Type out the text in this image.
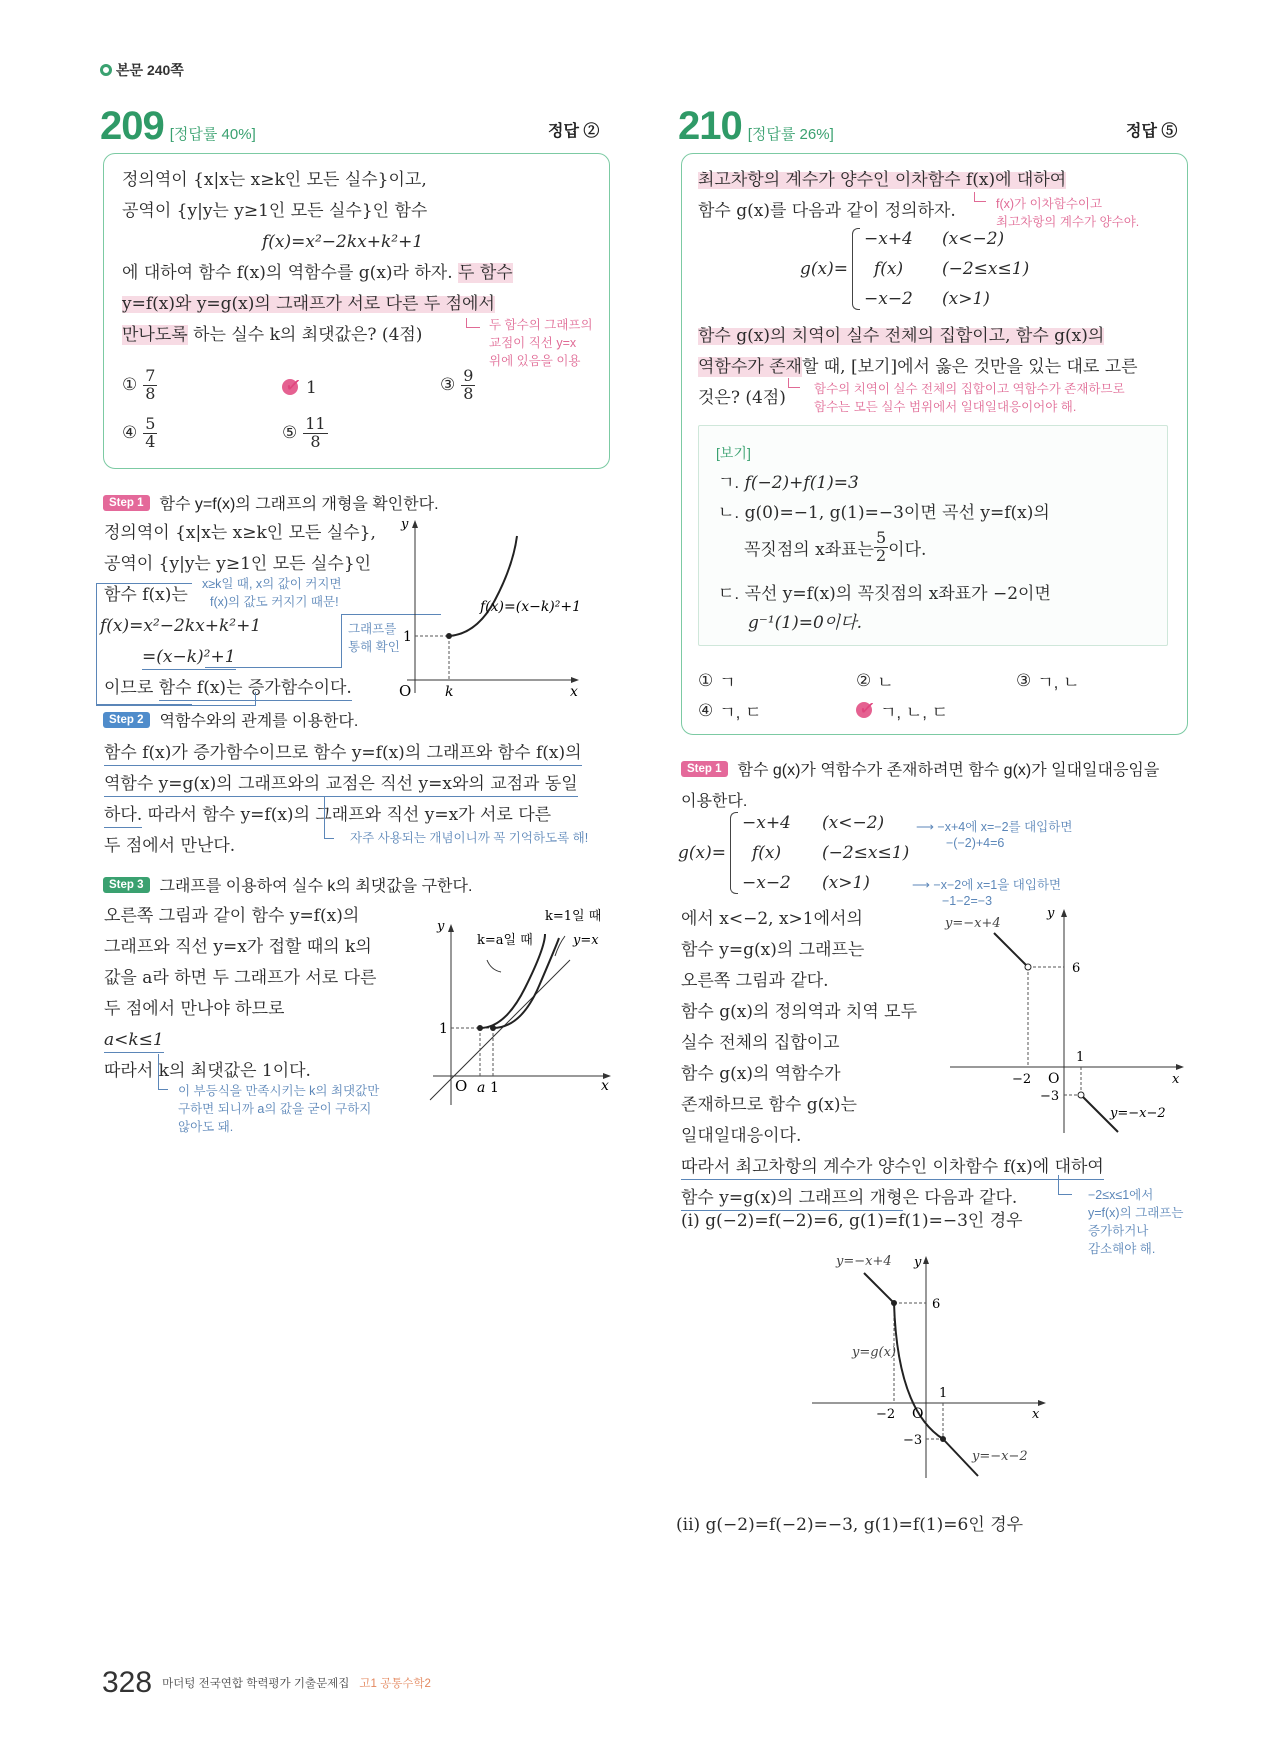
본문 240쪽
209 [정답률 40%]	정답 ②
정의역이 {x|x는 x≥k인 모든 실수}이고,
공역이 {y|y는 y≥1인 모든 실수}인 함수
f(x)=x²−2kx+k²+1
에 대하여 함수 f(x)의 역함수를 g(x)라 하자. 두 함수
y=f(x)와 y=g(x)의 그래프가 서로 다른 두 점에서
만나도록 하는 실수 k의 최댓값은? (4점)	두 함수의 그래프의
교점이 직선 y=x
위에 있음을 이용
① $\frac{7}{8}$	✓ 1	③ $\frac{9}{8}$
④ $\frac{5}{4}$	⑤ $\frac{11}{8}$
Step 1	함수 y=f(x)의 그래프의 개형을 확인한다.
정의역이 {x|x는 x≥k인 모든 실수},
공역이 {y|y는 y≥1인 모든 실수}인
함수 f(x)는
f(x)=x²−2kx+k²+1
=(x−k)²+1
이므로 함수 f(x)는 증가함수이다.
x≥k일 때, x의 값이 커지면
f(x)의 값도 커지기 때문!
그래프를
통해 확인
y
x
O k
1
f(x)=(x−k)²+1
Step 2	역함수와의 관계를 이용한다.
함수 f(x)가 증가함수이므로 함수 y=f(x)의 그래프와 함수 f(x)의
역함수 y=g(x)의 그래프와의 교점은 직선 y=x와의 교점과 동일
하다. 따라서 함수 y=f(x)의 그래프와 직선 y=x가 서로 다른
두 점에서 만난다.	자주 사용되는 개념이니까 꼭 기억하도록 해!
Step 3	그래프를 이용하여 실수 k의 최댓값을 구한다.
오른쪽 그림과 같이 함수 y=f(x)의
그래프와 직선 y=x가 접할 때의 k의
값을 a라 하면 두 그래프가 서로 다른
두 점에서 만나야 하므로
a<k≤1
따라서 k의 최댓값은 1이다.
이 부등식을 만족시키는 k의 최댓값만
구하면 되니까 a의 값을 굳이 구하지
않아도 돼.
y
x
O a 1
1
k=1일 때
k=a일 때	y=x
210 [정답률 26%]	정답 ⑤
최고차항의 계수가 양수인 이차함수 f(x)에 대하여
함수 g(x)를 다음과 같이 정의하자.	f(x)가 이차함수이고
최고차항의 계수가 양수야.
g(x)=
−x+4	(x<−2)
f(x)	(−2≤x≤1)
−x−2	(x>1)
함수 g(x)의 치역이 실수 전체의 집합이고, 함수 g(x)의
역함수가 존재할 때, [보기]에서 옳은 것만을 있는 대로 고른
것은? (4점) 함수의 치역이 실수 전체의 집합이고 역함수가 존재하므로
함수는 모든 실수 범위에서 일대일대응이어야 해.
[보기]
ㄱ. f(−2)+f(1)=3
ㄴ. g(0)=−1, g(1)=−3이면 곡선 y=f(x)의
꼭짓점의 x좌표는 $\frac{5}{2}$ 이다.
ㄷ. 곡선 y=f(x)의 꼭짓점의 x좌표가 −2이면
g⁻¹(1)=0이다.
① ㄱ	② ㄴ	③ ㄱ, ㄴ
④ ㄱ, ㄷ	✓ ㄱ, ㄴ, ㄷ
Step 1	함수 g(x)가 역함수가 존재하려면 함수 g(x)가 일대일대응임을
이용한다.
g(x)=
−x+4	(x<−2)
f(x)	(−2≤x≤1)
−x−2	(x>1)
⟶ −x+4에 x=−2를 대입하면
−(−2)+4=6
⟶ −x−2에 x=1을 대입하면
−1−2=−3
에서 x<−2, x>1에서의
함수 y=g(x)의 그래프는
오른쪽 그림과 같다.
함수 g(x)의 정의역과 치역 모두
실수 전체의 집합이고
함수 g(x)의 역함수가
존재하므로 함수 g(x)는
일대일대응이다.
y=−x+4
y
6
1
−2 O	x
−3
y=−x−2
따라서 최고차항의 계수가 양수인 이차함수 f(x)에 대하여
함수 y=g(x)의 그래프의 개형은 다음과 같다.	−2≤x≤1에서
y=f(x)의 그래프는
증가하거나
감소해야 해.
(i) g(−2)=f(−2)=6, g(1)=f(1)=−3인 경우
y=−x+4 y
6
y=g(x)
1
−2 O	x
−3
y=−x−2
(ii) g(−2)=f(−2)=−3, g(1)=f(1)=6인 경우
328 마더텅 전국연합 학력평가 기출문제집 고1 공통수학2
